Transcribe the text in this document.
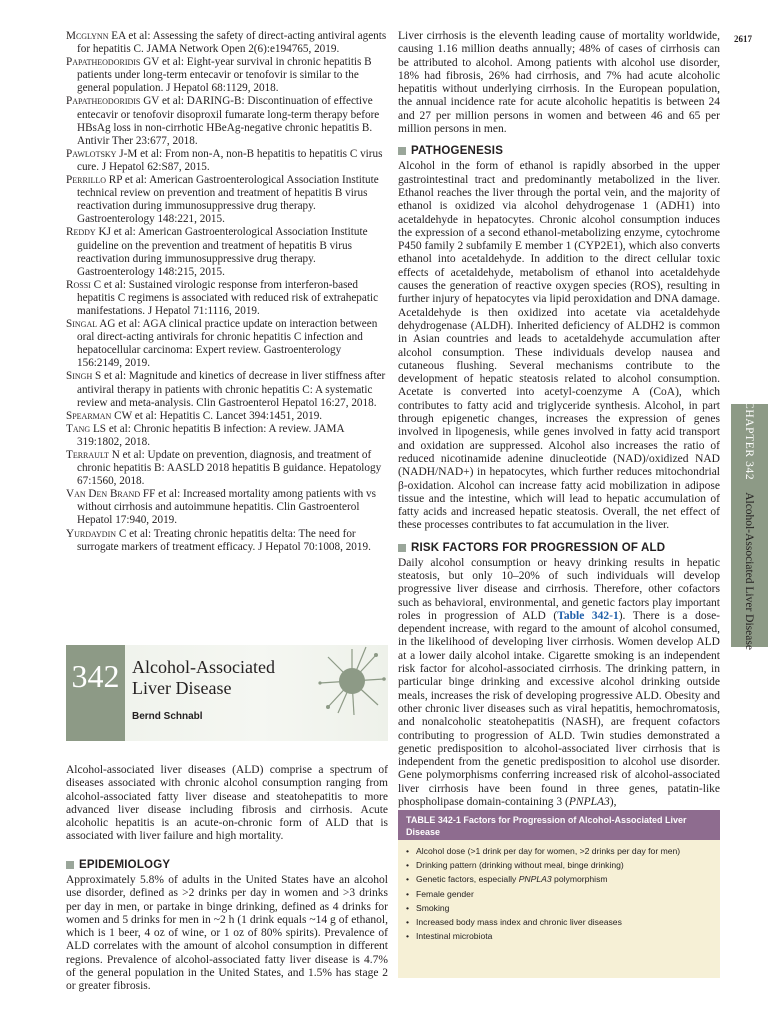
2617

Mcglynn EA et al: Assessing the safety of direct-acting antiviral agents for hepatitis C. JAMA Network Open 2(6):e194765, 2019.

Papatheodoridis GV et al: Eight-year survival in chronic hepatitis B patients under long-term entecavir or tenofovir is similar to the general population. J Hepatol 68:1129, 2018.

Papatheodoridis GV et al: DARING-B: Discontinuation of effective entecavir or tenofovir disoproxil fumarate long-term therapy before HBsAg loss in non-cirrhotic HBeAg-negative chronic hepatitis B. Antivir Ther 23:677, 2018.

Pawlotsky J-M et al: From non-A, non-B hepatitis to hepatitis C virus cure. J Hepatol 62:S87, 2015.

Perrillo RP et al: American Gastroenterological Association Institute technical review on prevention and treatment of hepatitis B virus reactivation during immunosuppressive drug therapy. Gastroenterology 148:221, 2015.

Reddy KJ et al: American Gastroenterological Association Institute guideline on the prevention and treatment of hepatitis B virus reactivation during immunosuppressive drug therapy. Gastroenterology 148:215, 2015.

Rossi C et al: Sustained virologic response from interferon-based hepatitis C regimens is associated with reduced risk of extrahepatic manifestations. J Hepatol 71:1116, 2019.

Singal AG et al: AGA clinical practice update on interaction between oral direct-acting antivirals for chronic hepatitis C infection and hepatocellular carcinoma: Expert review. Gastroenterology 156:2149, 2019.

Singh S et al: Magnitude and kinetics of decrease in liver stiffness after antiviral therapy in patients with chronic hepatitis C: A systematic review and meta-analysis. Clin Gastroenterol Hepatol 16:27, 2018.

Spearman CW et al: Hepatitis C. Lancet 394:1451, 2019.

Tang LS et al: Chronic hepatitis B infection: A review. JAMA 319:1802, 2018.

Terrault N et al: Update on prevention, diagnosis, and treatment of chronic hepatitis B: AASLD 2018 hepatitis B guidance. Hepatology 67:1560, 2018.

Van Den Brand FF et al: Increased mortality among patients with vs without cirrhosis and autoimmune hepatitis. Clin Gastroenterol Hepatol 17:940, 2019.

Yurdaydin C et al: Treating chronic hepatitis delta: The need for surrogate markers of treatment efficacy. J Hepatol 70:1008, 2019.

342 Alcohol-Associated
Liver Disease
Bernd Schnabl

Alcohol-associated liver diseases (ALD) comprise a spectrum of diseases associated with chronic alcohol consumption ranging from alcohol-associated fatty liver disease and steatohepatitis to more advanced liver disease including fibrosis and cirrhosis. Acute alcoholic hepatitis is an acute-on-chronic form of ALD that is associated with liver failure and high mortality.

EPIDEMIOLOGY

Approximately 5.8% of adults in the United States have an alcohol use disorder, defined as >2 drinks per day in women and >3 drinks per day in men, or partake in binge drinking, defined as 4 drinks for women and 5 drinks for men in ~2 h (1 drink equals ~14 g of ethanol, which is 1 beer, 4 oz of wine, or 1 oz of 80% spirits). Prevalence of ALD correlates with the amount of alcohol consumption in different regions. Prevalence of alcohol-associated fatty liver disease is 4.7% of the general population in the United States, and 1.5% has stage 2 or greater fibrosis.

Liver cirrhosis is the eleventh leading cause of mortality worldwide, causing 1.16 million deaths annually; 48% of cases of cirrhosis can be attributed to alcohol. Among patients with alcohol use disorder, 18% had fibrosis, 26% had cirrhosis, and 7% had acute alcoholic hepatitis without underlying cirrhosis. In the European population, the annual incidence rate for acute alcoholic hepatitis is between 24 and 27 per million persons in women and between 46 and 65 per million persons in men.

PATHOGENESIS

Alcohol in the form of ethanol is rapidly absorbed in the upper gastrointestinal tract and predominantly metabolized in the liver. Ethanol reaches the liver through the portal vein, and the majority of ethanol is oxidized via alcohol dehydrogenase 1 (ADH1) into acetaldehyde in hepatocytes. Chronic alcohol consumption induces the expression of a second ethanol-metabolizing enzyme, cytochrome P450 family 2 subfamily E member 1 (CYP2E1), which also converts ethanol into acetaldehyde. In addition to the direct cellular toxic effects of acetaldehyde, metabolism of ethanol into acetaldehyde causes the generation of reactive oxygen species (ROS), resulting in further injury of hepatocytes via lipid peroxidation and DNA damage. Acetaldehyde is then oxidized into acetate via acetaldehyde dehydrogenase (ALDH). Inherited deficiency of ALDH2 is common in Asian countries and leads to acetaldehyde accumulation after alcohol consumption. These individuals develop nausea and cutaneous flushing. Several mechanisms contribute to the development of hepatic steatosis related to alcohol consumption. Acetate is converted into acetyl-coenzyme A (CoA), which contributes to fatty acid and triglyceride synthesis. Alcohol, in part through epigenetic changes, increases the expression of genes involved in lipogenesis, while genes involved in fatty acid transport and oxidation are suppressed. Alcohol also increases the ratio of reduced nicotinamide adenine dinucleotide (NAD)/oxidized NAD (NADH/NAD+) in hepatocytes, which further reduces mitochondrial β-oxidation. Alcohol can increase fatty acid mobilization in adipose tissue and the intestine, which will lead to hepatic accumulation of fatty acids and increased hepatic steatosis. Overall, the net effect of these processes contributes to fat accumulation in the liver.

RISK FACTORS FOR PROGRESSION OF ALD

Daily alcohol consumption or heavy drinking results in hepatic steatosis, but only 10–20% of such individuals will develop progressive liver disease and cirrhosis. Therefore, other cofactors such as behavioral, environmental, and genetic factors play important roles in progression of ALD (Table 342-1). There is a dose-dependent increase, with regard to the amount of alcohol consumed, in the likelihood of developing liver cirrhosis. Women develop ALD at a lower daily alcohol intake. Cigarette smoking is an independent risk factor for alcohol-associated cirrhosis. The drinking pattern, in particular binge drinking and excessive alcohol drinking outside meals, increases the risk of developing progressive ALD. Obesity and other chronic liver diseases such as viral hepatitis, hemochromatosis, and nonalcoholic steatohepatitis (NASH), are frequent cofactors contributing to progression of ALD. Twin studies demonstrated a genetic predisposition to alcohol-associated liver cirrhosis that is independent from the genetic predisposition to alcohol use disorder. Gene polymorphisms conferring increased risk of alcohol-associated liver cirrhosis have been found in three genes, patatin-like phospholipase domain-containing 3 (PNPLA3),

CHAPTER 342
Alcohol-Associated Liver Disease
TABLE 342-1 Factors for Progression of Alcohol-Associated Liver Disease
• Alcohol dose (>1 drink per day for women, >2 drinks per day for men)
• Drinking pattern (drinking without meal, binge drinking)
• Genetic factors, especially PNPLA3 polymorphism
• Female gender
• Smoking
• Increased body mass index and chronic liver diseases
• Intestinal microbiota
